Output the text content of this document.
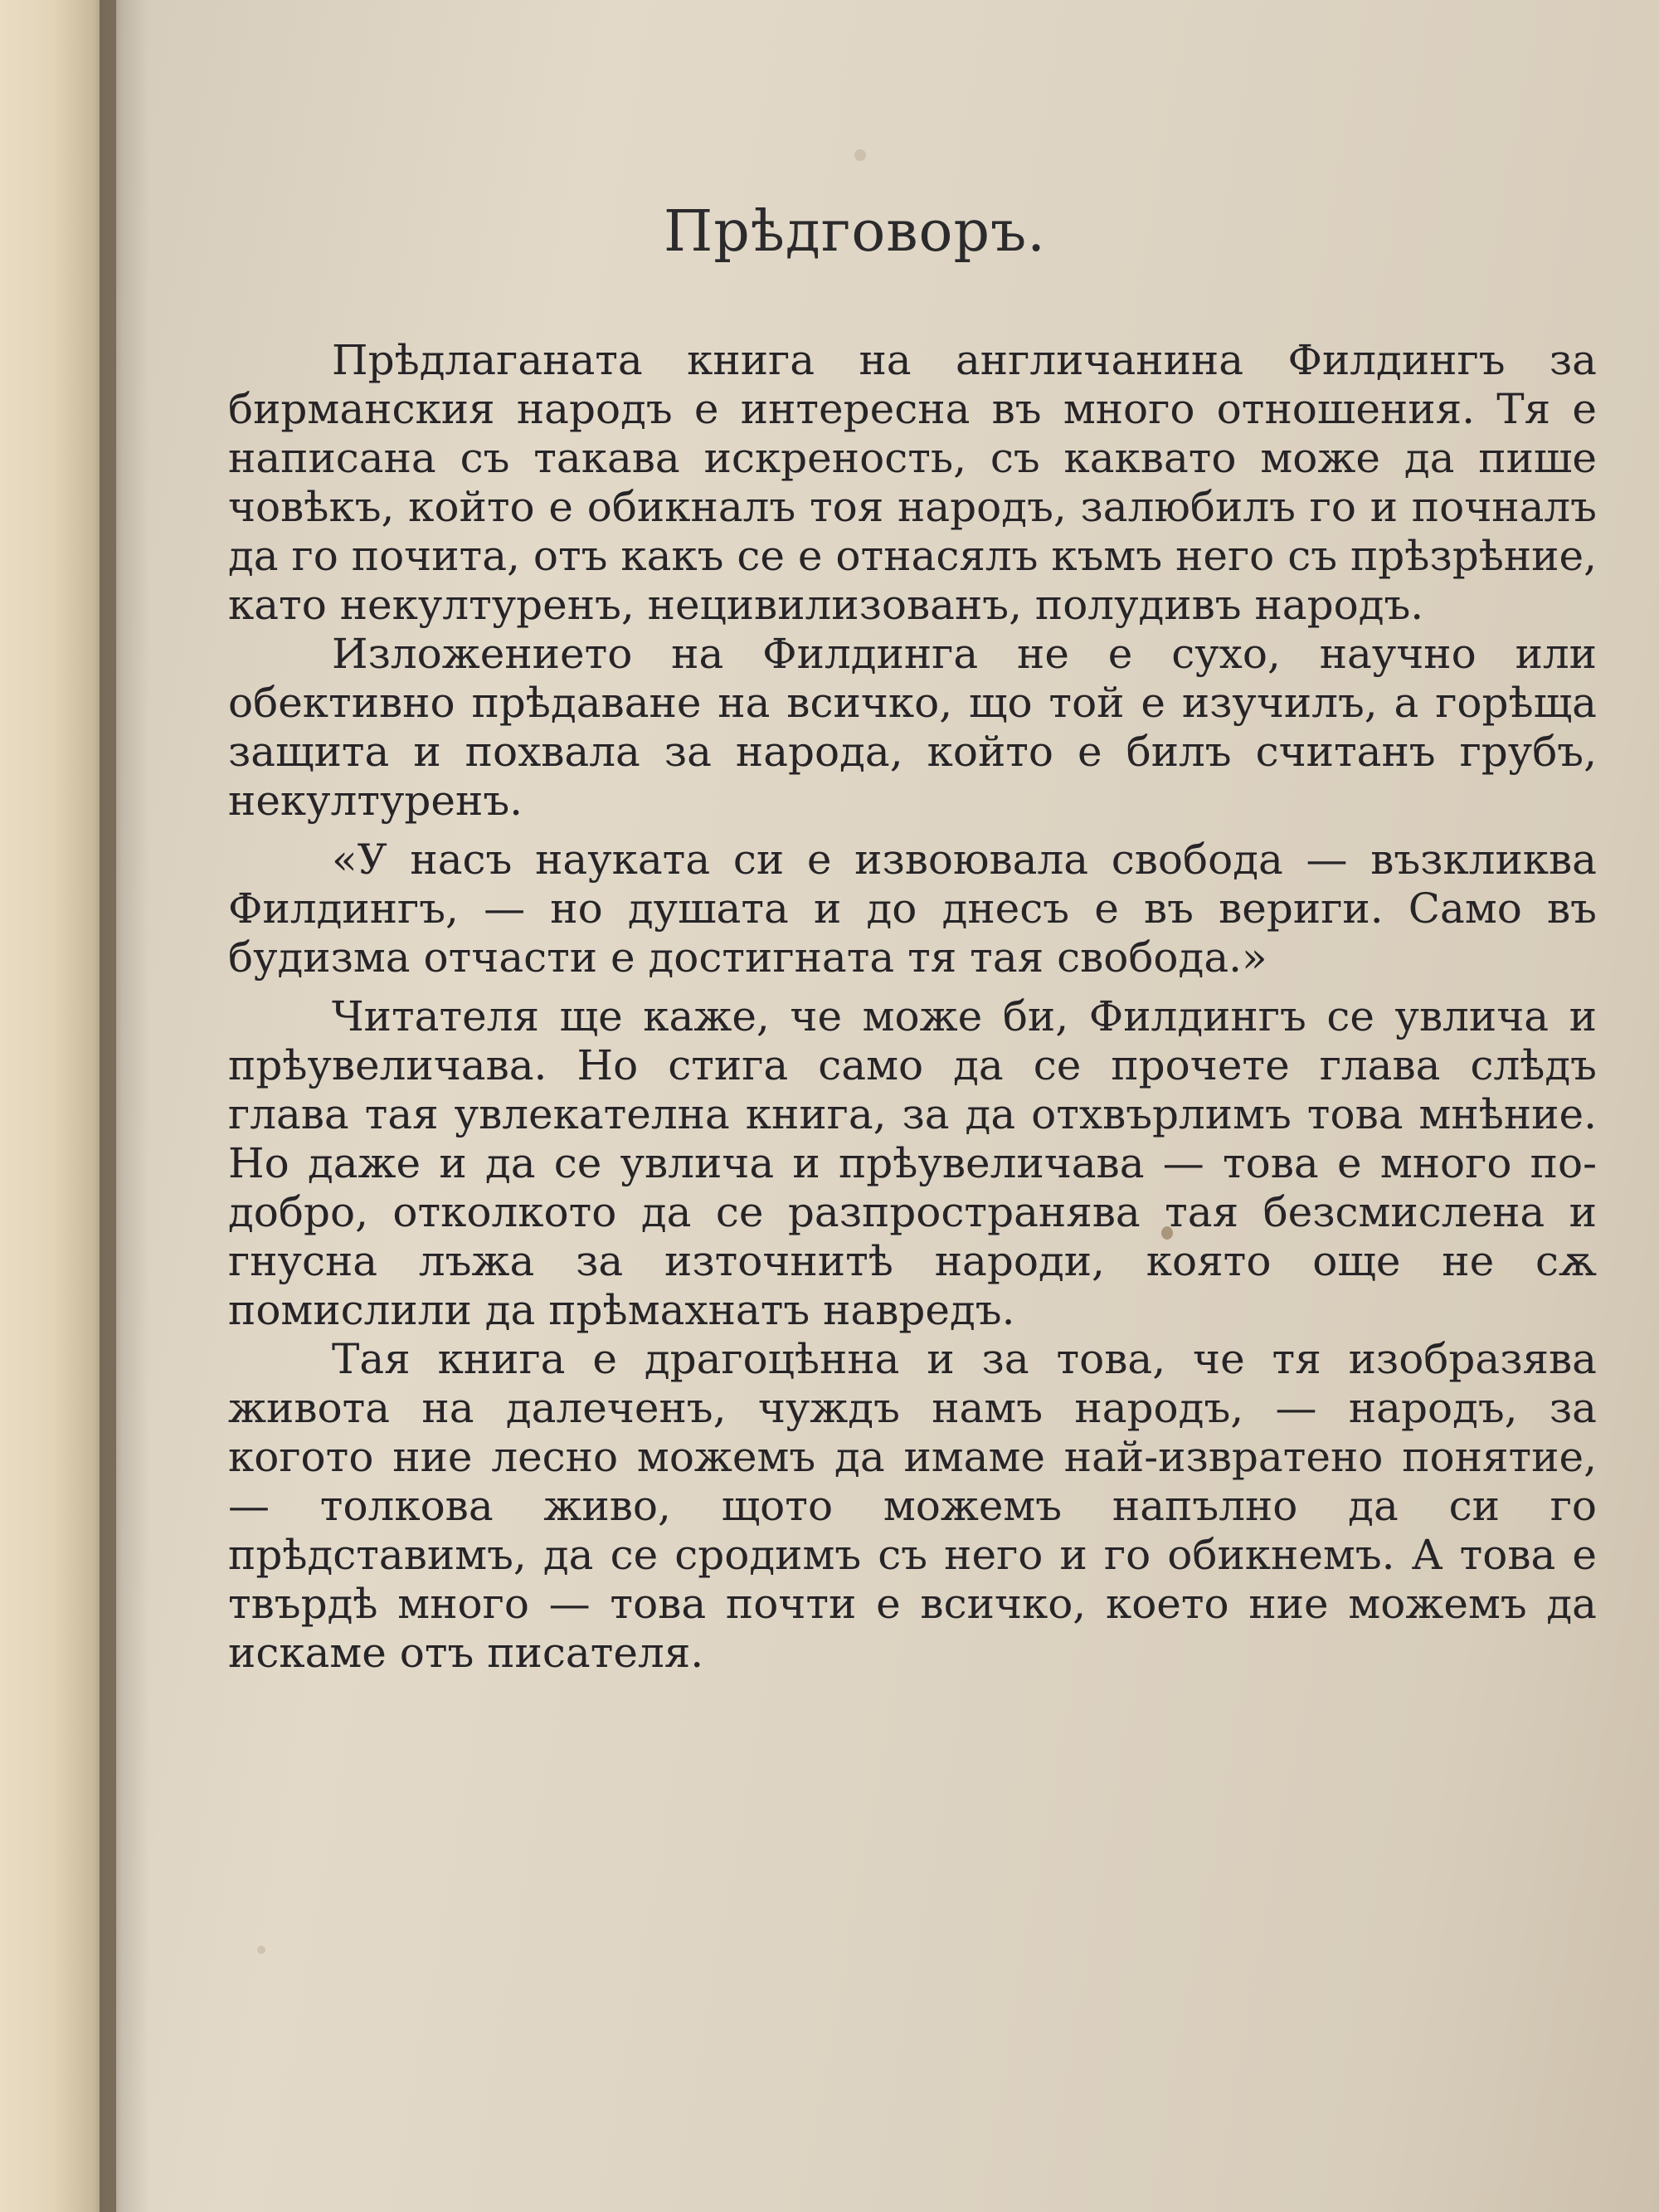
Прѣдговоръ.

Прѣдлаганата книга на англичанина Филдингъ за бирманския народъ е интересна въ много отношения. Тя е написана съ такава искреность, съ каквато може да пише човѣкъ, който е обикналъ тоя народъ, залюбилъ го и почналъ да го почита, отъ какъ се е отнасялъ къмъ него съ прѣзрѣние, като некултуренъ, нецивилизованъ, полудивъ народъ.

Изложението на Филдинга не е сухо, научно или обективно прѣдаване на всичко, що той е изучилъ, а горѣща защита и похвала за народа, който е билъ считанъ грубъ, некултуренъ.

«У насъ науката си е извоювала свобода — възкликва Филдингъ, — но душата и до днесъ е въ вериги. Само въ будизма отчасти е достигната тя тая свобода.»

Читателя ще каже, че може би, Филдингъ се увлича и прѣувеличава. Но стига само да се прочете глава слѣдъ глава тая увлекателна книга, за да отхвърлимъ това мнѣние. Но даже и да се увлича и прѣувеличава — това е много по-добро, отколкото да се разпространява тая безсмислена и гнусна лъжа за източнитѣ народи, която още не сѫ помислили да прѣмахнатъ навредъ.

Тая книга е драгоцѣнна и за това, че тя изобразява живота на далеченъ, чуждъ намъ народъ, — народъ, за когото ние лесно можемъ да имаме най-извратено понятие, — толкова живо, щото можемъ напълно да си го прѣдставимъ, да се сродимъ съ него и го обикнемъ. А това е твърдѣ много — това почти е всичко, което ние можемъ да искаме отъ писателя.
